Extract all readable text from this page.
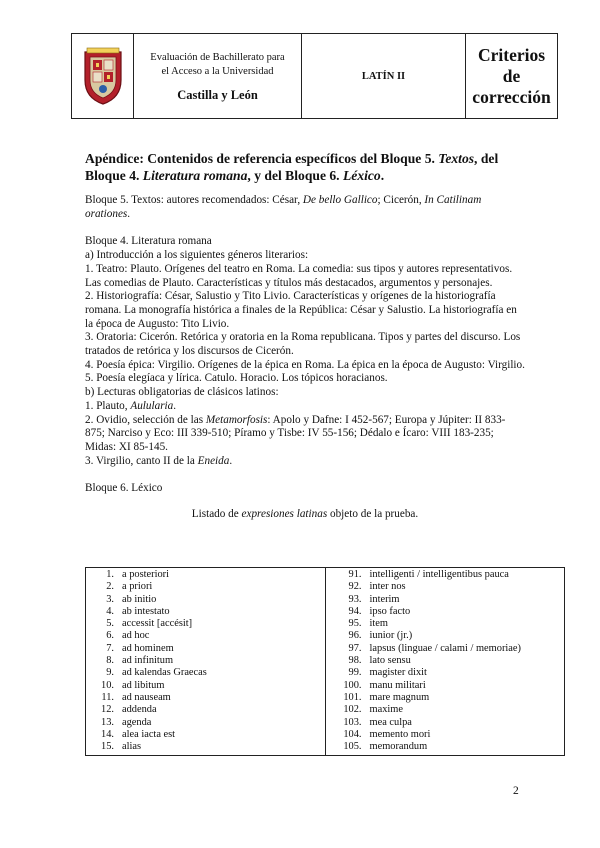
Evaluación de Bachillerato para
el Acceso a la Universidad
Castilla y León
LATÍN II
Criterios
de
corrección

Apéndice: Contenidos de referencia específicos del Bloque 5. Textos, del Bloque 4. Literatura romana, y del Bloque 6. Léxico.

Bloque 5. Textos: autores recomendados: César, De bello Gallico; Cicerón, In Catilinam orationes.

Bloque 4. Literatura romana

a) Introducción a los siguientes géneros literarios:

1. Teatro: Plauto. Orígenes del teatro en Roma. La comedia: sus tipos y autores representativos. Las comedias de Plauto. Características y títulos más destacados, argumentos y personajes.

2. Historiografía: César, Salustio y Tito Livio. Características y orígenes de la historiografía romana. La monografía histórica a finales de la República: César y Salustio. La historiografía en la época de Augusto: Tito Livio.

3. Oratoria: Cicerón. Retórica y oratoria en la Roma republicana. Tipos y partes del discurso. Los tratados de retórica y los discursos de Cicerón.

4. Poesía épica: Virgilio. Orígenes de la épica en Roma. La épica en la época de Augusto: Virgilio.

5. Poesía elegíaca y lírica. Catulo. Horacio. Los tópicos horacianos.

b) Lecturas obligatorias de clásicos latinos:

1. Plauto, Aulularia.

2. Ovidio, selección de las Metamorfosis: Apolo y Dafne: I 452-567; Europa y Júpiter: II 833-875; Narciso y Eco: III 339-510; Píramo y Tisbe: IV 55-156; Dédalo e Ícaro: VIII 183-235; Midas: XI 85-145.

3. Virgilio, canto II de la Eneida.

Bloque 6. Léxico

Listado de expresiones latinas objeto de la prueba.

1. a posteriori
2. a priori
3. ab initio
4. ab intestato
5. accessit [accésit]
6. ad hoc
7. ad hominem
8. ad infinitum
9. ad kalendas Graecas
10. ad libitum
11. ad nauseam
12. addenda
13. agenda
14. alea iacta est
15. alias

91. intelligenti / intelligentibus pauca
92. inter nos
93. interim
94. ipso facto
95. item
96. iunior (jr.)
97. lapsus (linguae / calami / memoriae)
98. lato sensu
99. magister dixit
100. manu militari
101. mare magnum
102. maxime
103. mea culpa
104. memento mori
105. memorandum
2
